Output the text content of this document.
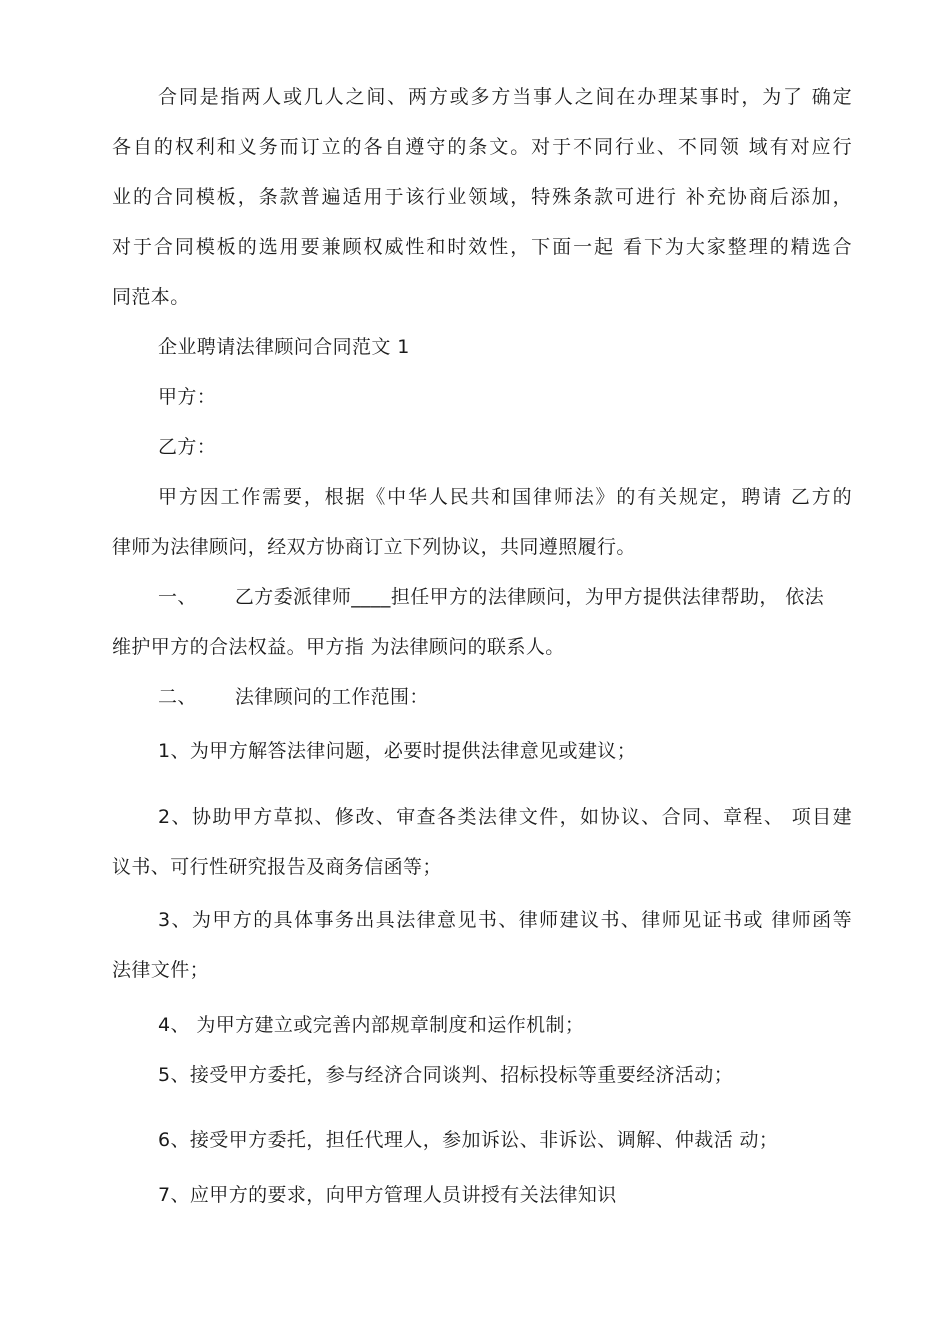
合同是指两人或几人之间、两方或多方当事人之间在办理某事时，为了 确定
各自的权利和义务而订立的各自遵守的条文。对于不同行业、不同领 域有对应行
业的合同模板，条款普遍适用于该行业领域，特殊条款可进行 补充协商后添加，
对于合同模板的选用要兼顾权威性和时效性，下面一起 看下为大家整理的精选合
同范本。
企业聘请法律顾问合同范文 1
甲方：
乙方：
甲方因工作需要，根据《中华人民共和国律师法》的有关规定，聘请 乙方的
律师为法律顾问，经双方协商订立下列协议，共同遵照履行。
一、 乙方委派律师____担任甲方的法律顾问，为甲方提供法律帮助， 依法
维护甲方的合法权益。甲方指 为法律顾问的联系人。
二、 法律顾问的工作范围：
1、为甲方解答法律问题，必要时提供法律意见或建议；
2、协助甲方草拟、修改、审查各类法律文件，如协议、合同、章程、 项目建
议书、可行性研究报告及商务信函等；
3、为甲方的具体事务出具法律意见书、律师建议书、律师见证书或 律师函等
法律文件；
4、 为甲方建立或完善内部规章制度和运作机制；
5、接受甲方委托，参与经济合同谈判、招标投标等重要经济活动；
6、接受甲方委托，担任代理人，参加诉讼、非诉讼、调解、仲裁活 动；
7、应甲方的要求，向甲方管理人员讲授有关法律知识
